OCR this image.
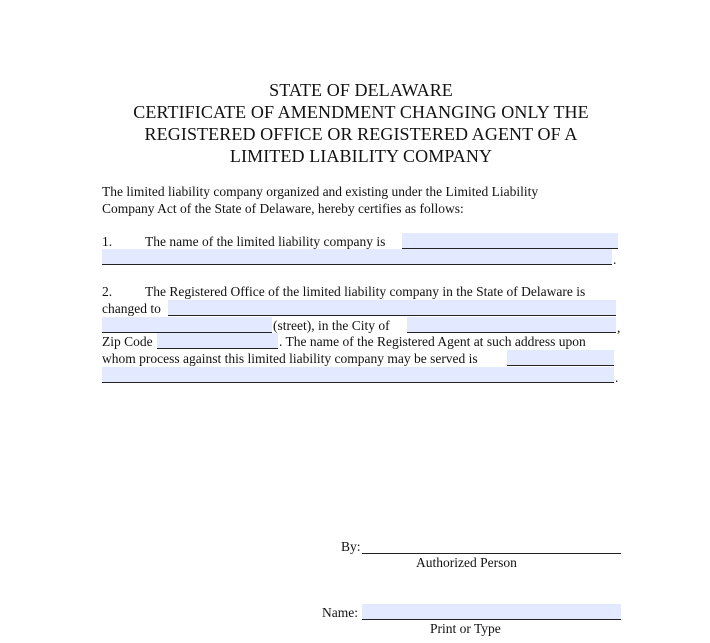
STATE OF DELAWARE
CERTIFICATE OF AMENDMENT CHANGING ONLY THE
REGISTERED OFFICE OR REGISTERED AGENT OF A
LIMITED LIABILITY COMPANY
The limited liability company organized and existing under the Limited Liability
Company Act of the State of Delaware, hereby certifies as follows:
1. The name of the limited liability company is
.
2. The Registered Office of the limited liability company in the State of Delaware is
changed to
(street), in the City of	,
Zip Code	. The name of the Registered Agent at such address upon
whom process against this limited liability company may be served is
.
By:
Authorized Person
Name:
Print or Type
